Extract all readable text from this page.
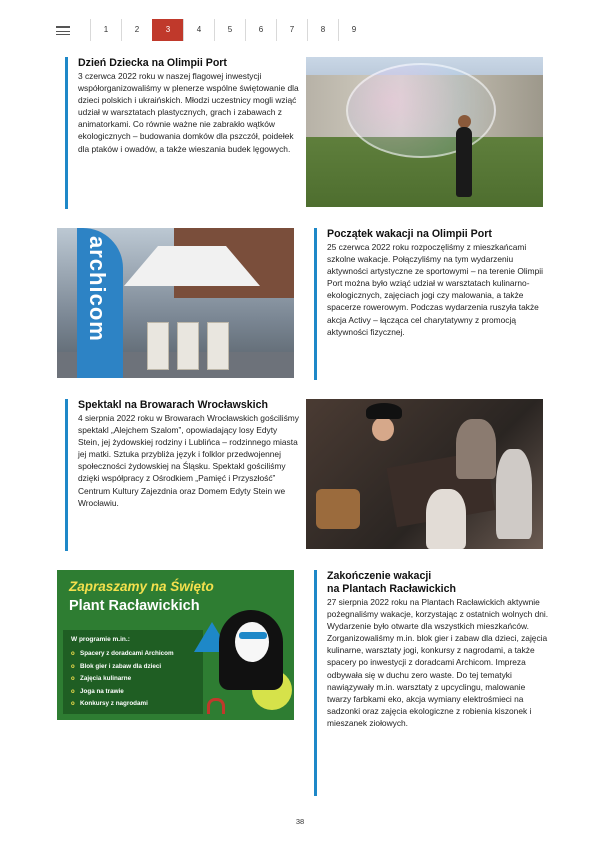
1	2	3	4	5	6	7	8	9
Dzień Dziecka na Olimpii Port
3 czerwca 2022 roku w naszej flagowej inwestycji współorganizowaliśmy w plenerze wspólne świętowanie dla dzieci polskich i ukraińskich. Młodzi uczestnicy mogli wziąć udział w warsztatach plastycznych, grach i zabawach z animatorkami. Co równie ważne nie zabrakło wątków ekologicznych – budowania domków dla pszczół, poidełek dla ptaków i owadów, a także wieszania budek lęgowych.
archicom
Początek wakacji na Olimpii Port
25 czerwca 2022 roku rozpoczęliśmy z mieszkańcami szkolne wakacje. Połączyliśmy na tym wydarzeniu aktywności artystyczne ze sportowymi – na terenie Olimpii Port można było wziąć udział w warsztatach kulinarno-ekologicznych, zajęciach jogi czy malowania, a także spacerze rowerowym. Podczas wydarzenia ruszyła także akcja Activy – łącząca cel charytatywny z promocją aktywności fizycznej.
Spektakl na Browarach Wrocławskich
4 sierpnia 2022 roku w Browarach Wrocławskich gościliśmy spektakl „Alejchem Szalom”, opowiadający losy Edyty Stein, jej żydowskiej rodziny i Lublińca – rodzinnego miasta jej matki. Sztuka przybliża język i folklor przedwojennej społeczności żydowskiej na Śląsku. Spektakl gościliśmy dzięki współpracy z Ośrodkiem „Pamięć i Przyszłość” Centrum Kultury Zajezdnia oraz Domem Edyty Stein we Wrocławiu.
Zapraszamy na Święto
Plant Racławickich
W programie m.in.:
o Spacery z doradcami Archicom
o Blok gier i zabaw dla dzieci
o Zajęcia kulinarne
o Joga na trawie
o Konkursy z nagrodami
Zakończenie wakacji
na Plantach Racławickich
27 sierpnia 2022 roku na Plantach Racławickich aktywnie pożegnaliśmy wakacje, korzystając z ostatnich wolnych dni. Wydarzenie było otwarte dla wszystkich mieszkańców. Zorganizowaliśmy m.in. blok gier i zabaw dla dzieci, zajęcia kulinarne, warsztaty jogi, konkursy z nagrodami, a także spacery po inwestycji z doradcami Archicom. Impreza odbywała się w duchu zero waste. Do tej tematyki nawiązywały m.in. warsztaty z upcyclingu, malowanie twarzy farbkami eko, akcja wymiany elektrośmieci na sadzonki oraz zajęcia ekologiczne z robienia kiszonek i mieszanek ziołowych.
38
